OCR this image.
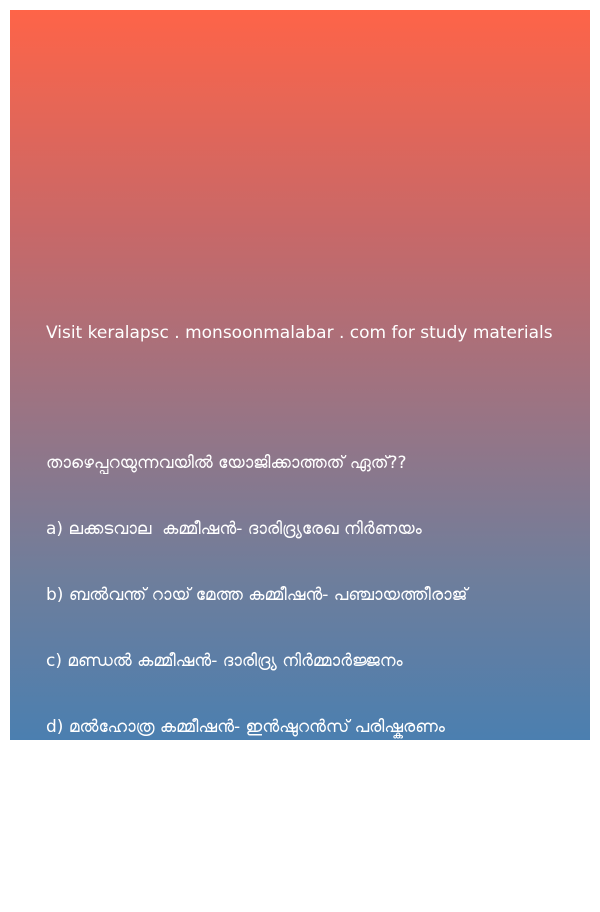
Visit keralapsc . monsoonmalabar . com for study materials

താഴെപ്പറയുന്നവയിൽ യോജിക്കാത്തത് ഏത്??

a) ലക്കടവാല  കമ്മീഷൻ- ദാരിദ്ര്യരേഖ നിർണയം

b) ബൽവന്ത് റായ് മേത്ത കമ്മീഷൻ- പഞ്ചായത്തീരാജ്

c) മണ്ഡൽ കമ്മീഷൻ- ദാരിദ്ര്യ നിർമ്മാർജ്ജനം

d) മൽഹോത്ര കമ്മീഷൻ- ഇൻഷുറൻസ് പരിഷ്കരണം

Answer: മണ്ഡൽ കമ്മീഷൻ- ദാരിദ്ര്യ നിർമ്മാർജ്ജനം
